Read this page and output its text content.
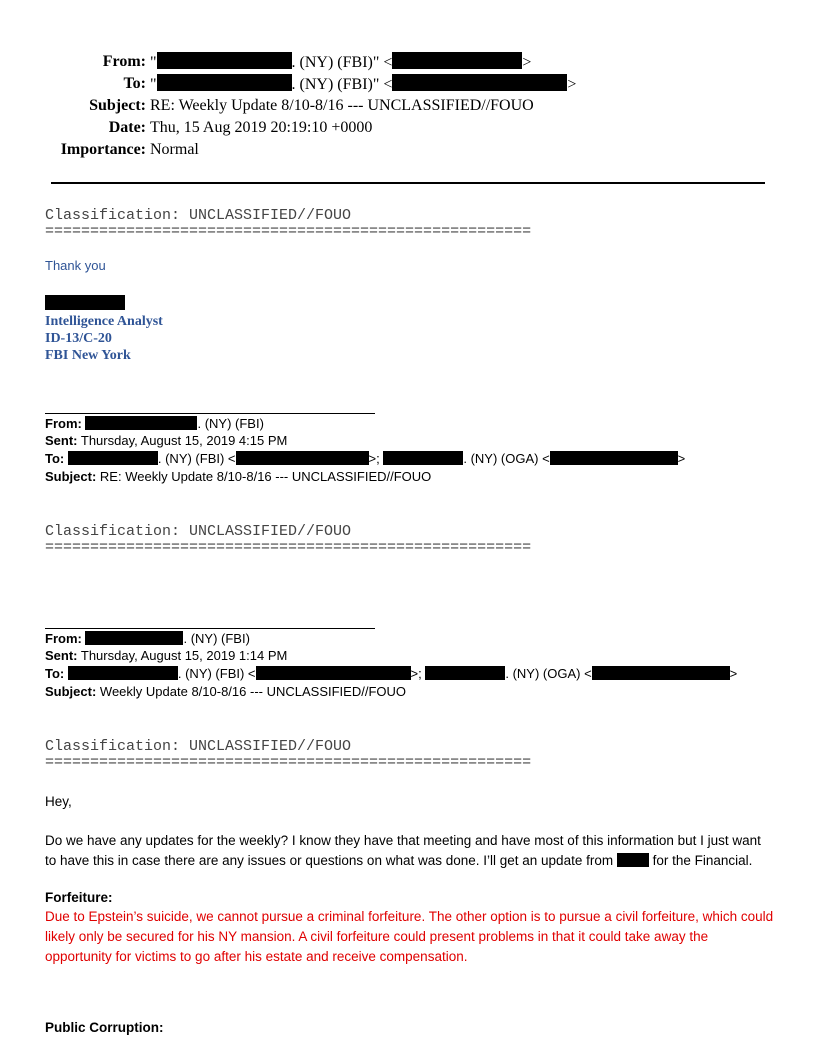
From: "	. (NY) (FBI)" <	>
To: "	. (NY) (FBI)" <	>
Subject: RE: Weekly Update 8/10-8/16 --- UNCLASSIFIED//FOUO
Date: Thu, 15 Aug 2019 20:19:10 +0000
Importance: Normal
Classification: UNCLASSIFIED//FOUO
======================================================
Thank you
Intelligence Analyst
ID-13/C-20
FBI New York
From:	. (NY) (FBI)
Sent: Thursday, August 15, 2019 4:15 PM
To:	. (NY) (FBI) <	>;	. (NY) (OGA) <	>
Subject: RE: Weekly Update 8/10-8/16 --- UNCLASSIFIED//FOUO
Classification: UNCLASSIFIED//FOUO
======================================================
From:	. (NY) (FBI)
Sent: Thursday, August 15, 2019 1:14 PM
To:	. (NY) (FBI) <	>;	. (NY) (OGA) <	>
Subject: Weekly Update 8/10-8/16 --- UNCLASSIFIED//FOUO
Classification: UNCLASSIFIED//FOUO
======================================================
Hey,
Do we have any updates for the weekly? I know they have that meeting and have most of this information but I just want to have this in case there are any issues or questions on what was done. I’ll get an update from	for the Financial.
Forfeiture:
Due to Epstein’s suicide, we cannot pursue a criminal forfeiture. The other option is to pursue a civil forfeiture, which could likely only be secured for his NY mansion. A civil forfeiture could present problems in that it could take away the opportunity for victims to go after his estate and receive compensation.
Public Corruption:
